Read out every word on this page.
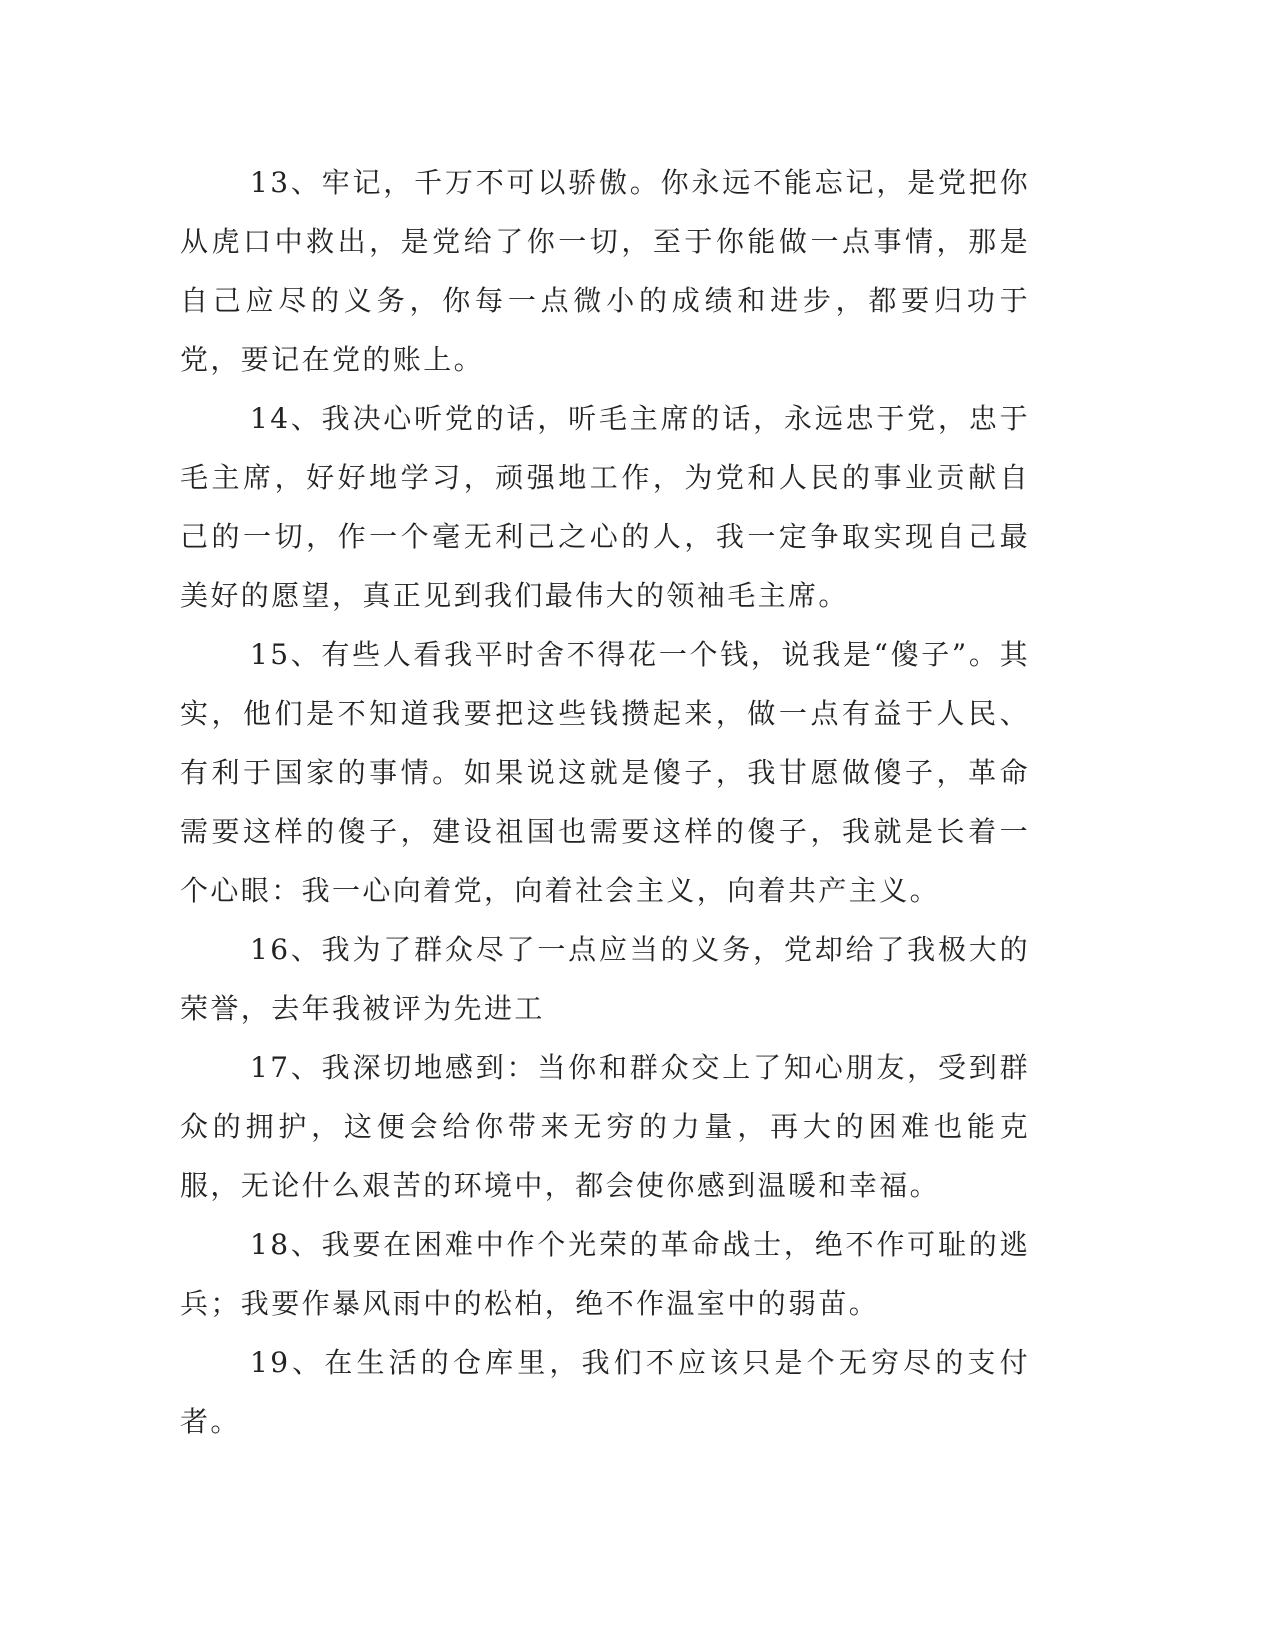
13、牢记，千万不可以骄傲。你永远不能忘记，是党把你从虎口中救出，是党给了你一切，至于你能做一点事情，那是自己应尽的义务，你每一点微小的成绩和进步，都要归功于党，要记在党的账上。

14、我决心听党的话，听毛主席的话，永远忠于党，忠于毛主席，好好地学习，顽强地工作，为党和人民的事业贡献自己的一切，作一个毫无利己之心的人，我一定争取实现自己最美好的愿望，真正见到我们最伟大的领袖毛主席。

15、有些人看我平时舍不得花一个钱，说我是“傻子”。其实，他们是不知道我要把这些钱攒起来，做一点有益于人民、有利于国家的事情。如果说这就是傻子，我甘愿做傻子，革命需要这样的傻子，建设祖国也需要这样的傻子，我就是长着一个心眼：我一心向着党，向着社会主义，向着共产主义。

16、我为了群众尽了一点应当的义务，党却给了我极大的荣誉，去年我被评为先进工

17、我深切地感到：当你和群众交上了知心朋友，受到群众的拥护，这便会给你带来无穷的力量，再大的困难也能克服，无论什么艰苦的环境中，都会使你感到温暖和幸福。

18、我要在困难中作个光荣的革命战士，绝不作可耻的逃兵；我要作暴风雨中的松柏，绝不作温室中的弱苗。

19、在生活的仓库里，我们不应该只是个无穷尽的支付者。
